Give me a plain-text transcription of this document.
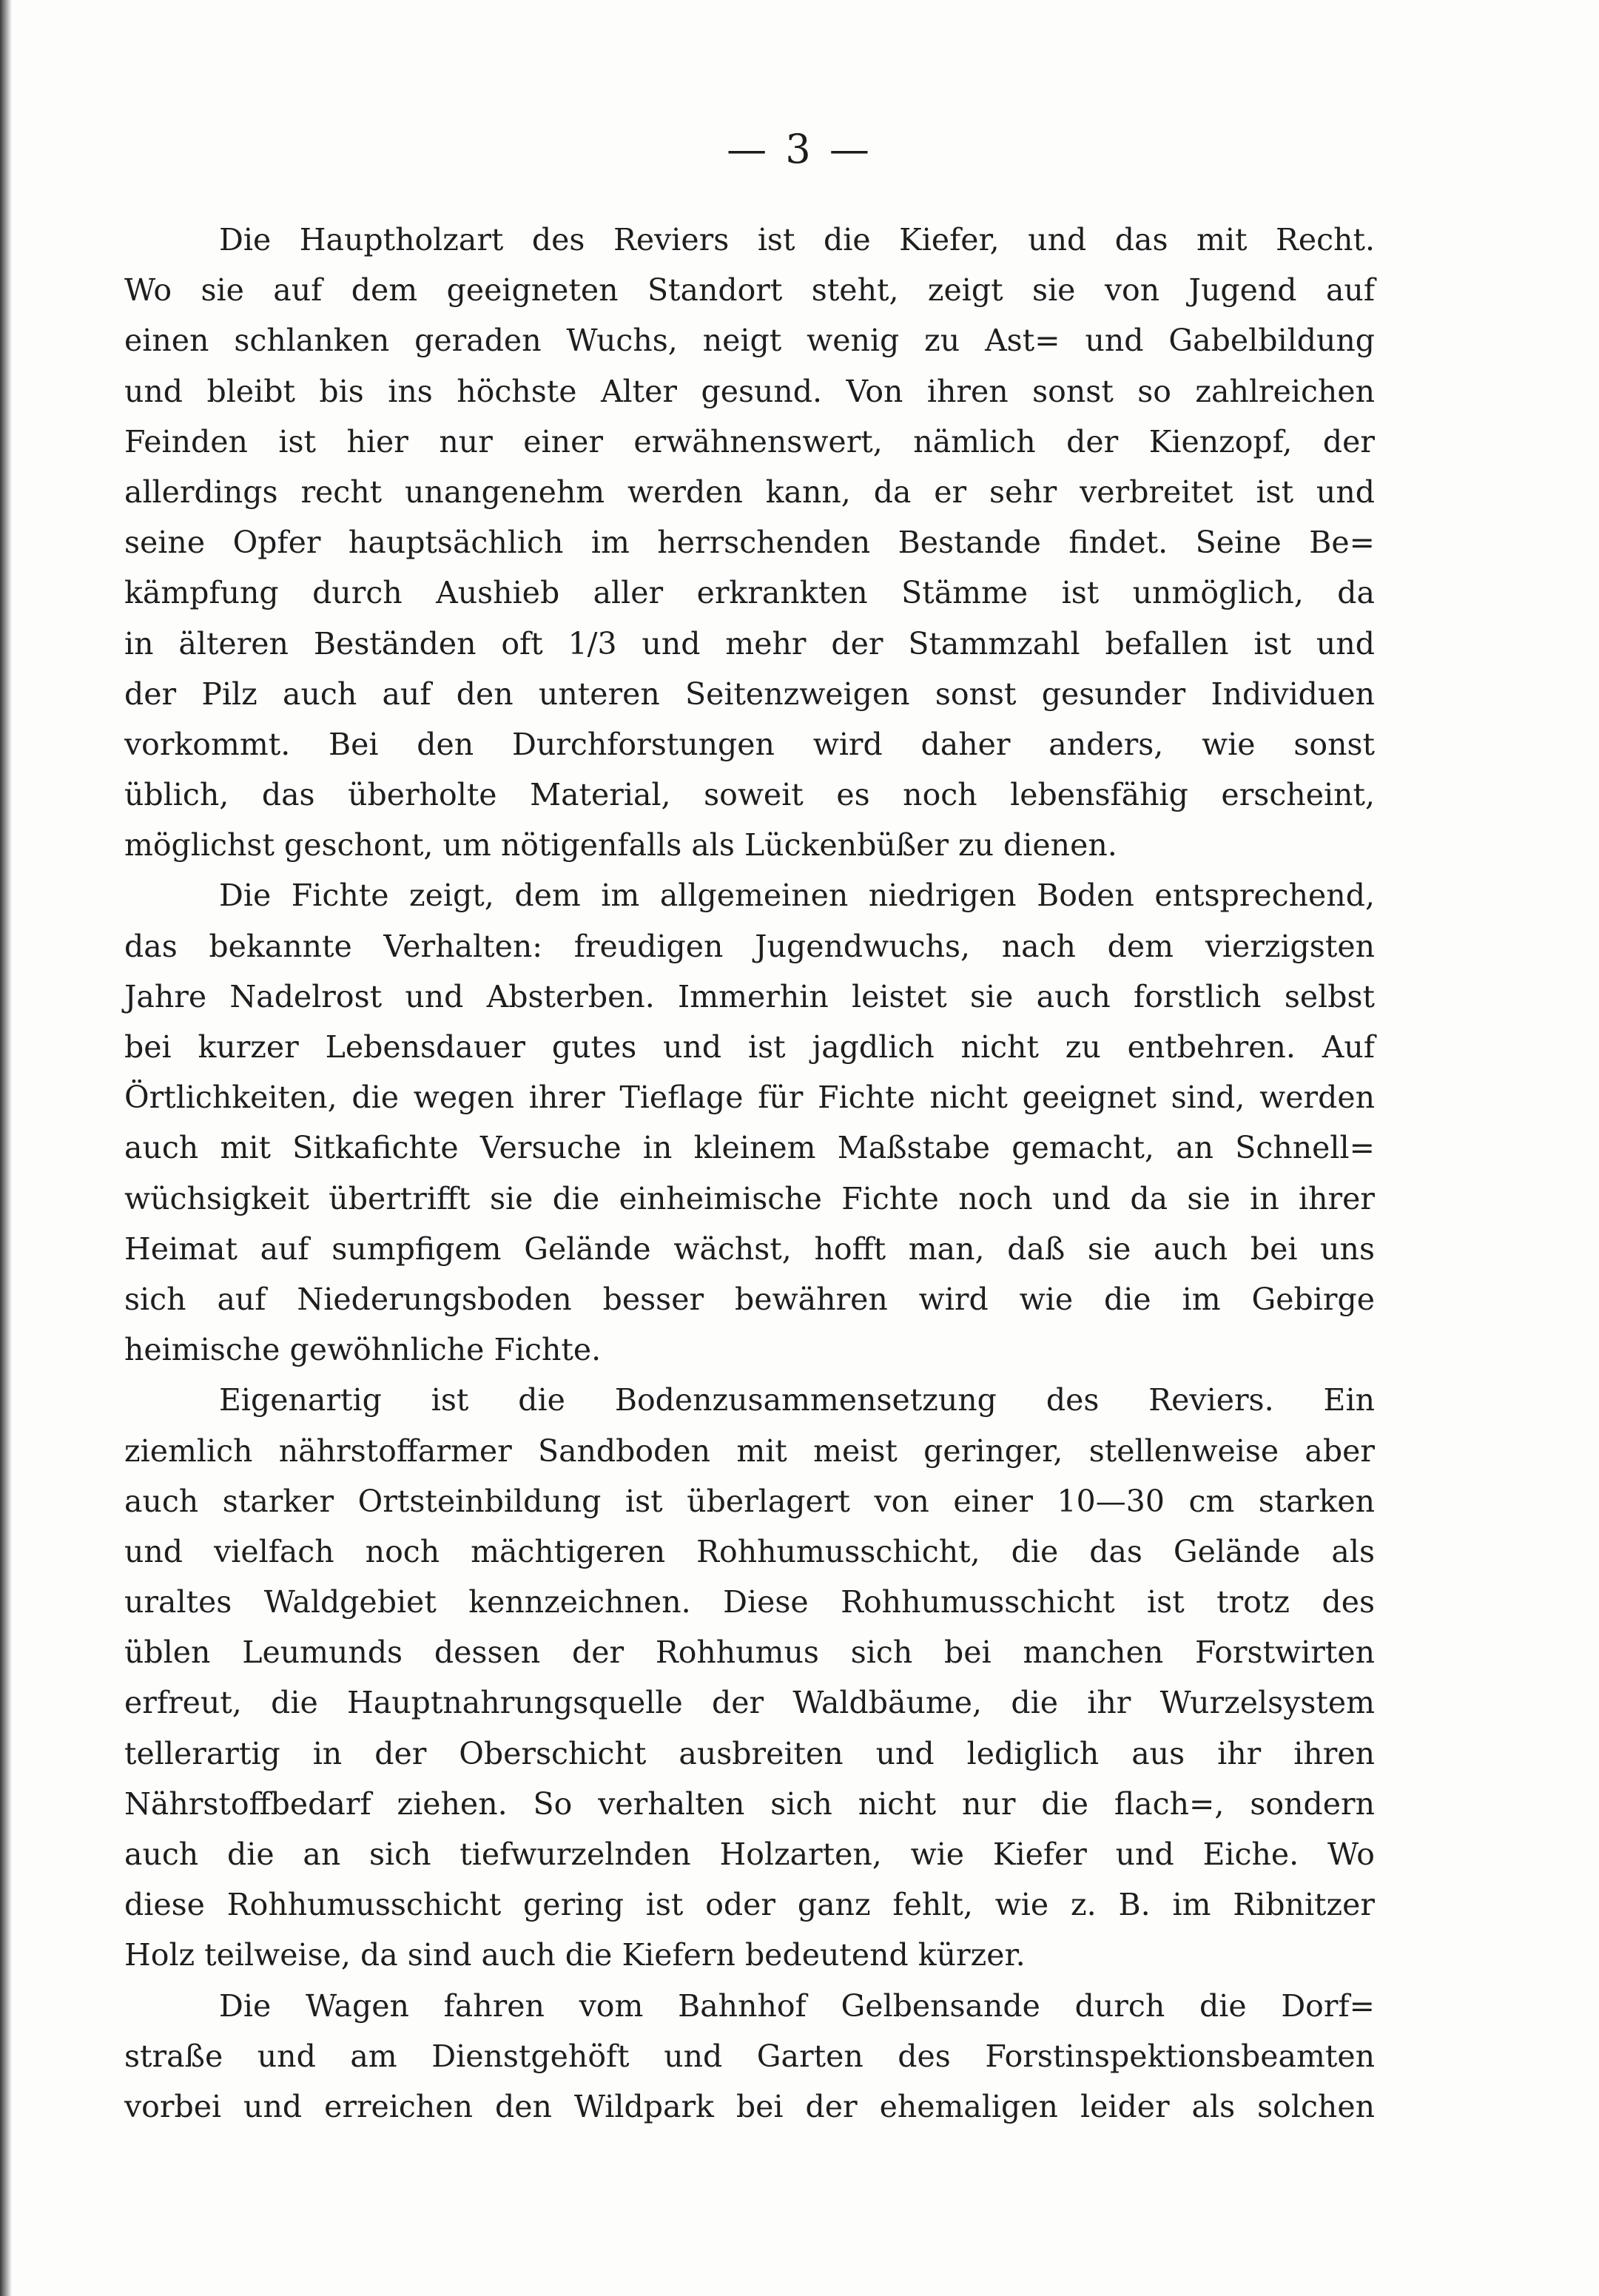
— 3 —
Die Hauptholzart des Reviers ist die Kiefer, und das mit Recht.
Wo sie auf dem geeigneten Standort steht, zeigt sie von Jugend auf
einen schlanken geraden Wuchs, neigt wenig zu Ast= und Gabelbildung
und bleibt bis ins höchste Alter gesund. Von ihren sonst so zahlreichen
Feinden ist hier nur einer erwähnenswert, nämlich der Kienzopf, der
allerdings recht unangenehm werden kann, da er sehr verbreitet ist und
seine Opfer hauptsächlich im herrschenden Bestande findet. Seine Be=
kämpfung durch Aushieb aller erkrankten Stämme ist unmöglich, da
in älteren Beständen oft 1/3 und mehr der Stammzahl befallen ist und
der Pilz auch auf den unteren Seitenzweigen sonst gesunder Individuen
vorkommt. Bei den Durchforstungen wird daher anders, wie sonst
üblich, das überholte Material, soweit es noch lebensfähig erscheint,
möglichst geschont, um nötigenfalls als Lückenbüßer zu dienen.
Die Fichte zeigt, dem im allgemeinen niedrigen Boden entsprechend,
das bekannte Verhalten: freudigen Jugendwuchs, nach dem vierzigsten
Jahre Nadelrost und Absterben. Immerhin leistet sie auch forstlich selbst
bei kurzer Lebensdauer gutes und ist jagdlich nicht zu entbehren. Auf
Örtlichkeiten, die wegen ihrer Tieflage für Fichte nicht geeignet sind, werden
auch mit Sitkafichte Versuche in kleinem Maßstabe gemacht, an Schnell=
wüchsigkeit übertrifft sie die einheimische Fichte noch und da sie in ihrer
Heimat auf sumpfigem Gelände wächst, hofft man, daß sie auch bei uns
sich auf Niederungsboden besser bewähren wird wie die im Gebirge
heimische gewöhnliche Fichte.
Eigenartig ist die Bodenzusammensetzung des Reviers. Ein
ziemlich nährstoffarmer Sandboden mit meist geringer, stellenweise aber
auch starker Ortsteinbildung ist überlagert von einer 10—30 cm starken
und vielfach noch mächtigeren Rohhumusschicht, die das Gelände als
uraltes Waldgebiet kennzeichnen. Diese Rohhumusschicht ist trotz des
üblen Leumunds dessen der Rohhumus sich bei manchen Forstwirten
erfreut, die Hauptnahrungsquelle der Waldbäume, die ihr Wurzelsystem
tellerartig in der Oberschicht ausbreiten und lediglich aus ihr ihren
Nährstoffbedarf ziehen. So verhalten sich nicht nur die flach=, sondern
auch die an sich tiefwurzelnden Holzarten, wie Kiefer und Eiche. Wo
diese Rohhumusschicht gering ist oder ganz fehlt, wie z. B. im Ribnitzer
Holz teilweise, da sind auch die Kiefern bedeutend kürzer.
Die Wagen fahren vom Bahnhof Gelbensande durch die Dorf=
straße und am Dienstgehöft und Garten des Forstinspektionsbeamten
vorbei und erreichen den Wildpark bei der ehemaligen leider als solchen
